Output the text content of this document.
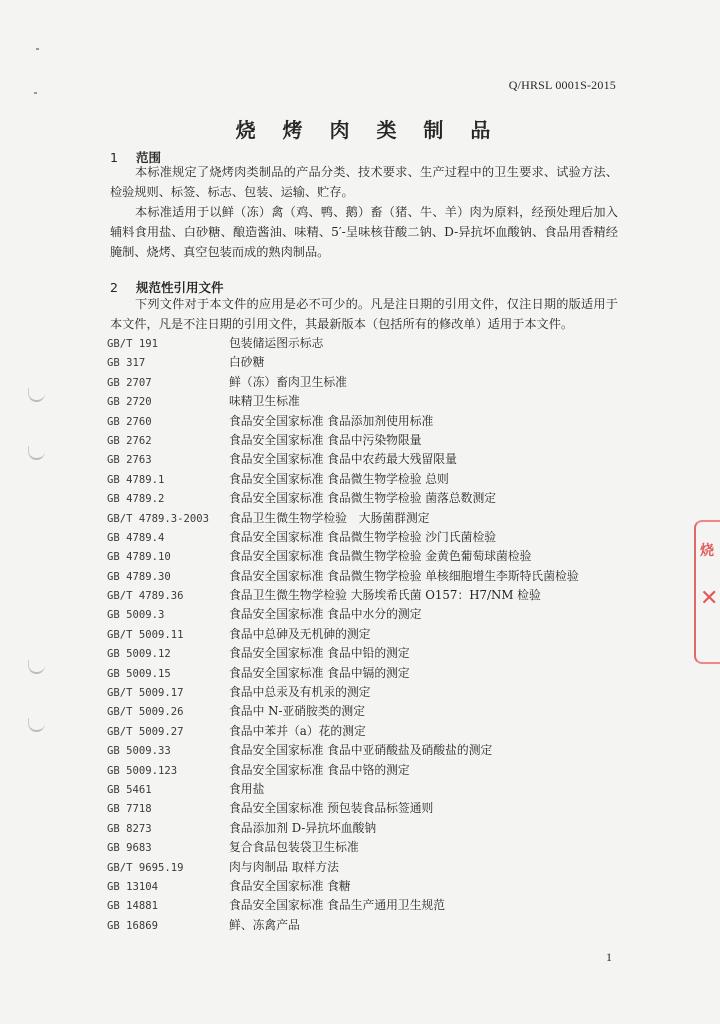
烧
✕
Q/HRSL 0001S-2015
烧 烤 肉 类 制 品
1 范围
本标准规定了烧烤肉类制品的产品分类、技术要求、生产过程中的卫生要求、试验方法、检验规则、标签、标志、包装、运输、贮存。
本标准适用于以鲜（冻）禽（鸡、鸭、鹅）畜（猪、牛、羊）肉为原料，经预处理后加入辅料食用盐、白砂糖、酿造酱油、味精、5′-呈味核苷酸二钠、D-异抗坏血酸钠、食品用香精经腌制、烧烤、真空包装而成的熟肉制品。
2 规范性引用文件
下列文件对于本文件的应用是必不可少的。凡是注日期的引用文件，仅注日期的版适用于本文件，凡是不注日期的引用文件，其最新版本（包括所有的修改单）适用于本文件。
GB/T 191	包装储运图示标志
GB 317	白砂糖
GB 2707	鲜（冻）畜肉卫生标准
GB 2720	味精卫生标准
GB 2760	食品安全国家标准 食品添加剂使用标准
GB 2762	食品安全国家标准 食品中污染物限量
GB 2763	食品安全国家标准 食品中农药最大残留限量
GB 4789.1	食品安全国家标准 食品微生物学检验 总则
GB 4789.2	食品安全国家标准 食品微生物学检验 菌落总数测定
GB/T 4789.3-2003 食品卫生微生物学检验　大肠菌群测定
GB 4789.4	食品安全国家标准 食品微生物学检验 沙门氏菌检验
GB 4789.10	食品安全国家标准 食品微生物学检验 金黄色葡萄球菌检验
GB 4789.30	食品安全国家标准 食品微生物学检验 单核细胞增生李斯特氏菌检验
GB/T 4789.36	食品卫生微生物学检验 大肠埃希氏菌 O157：H7/NM 检验
GB 5009.3	食品安全国家标准 食品中水分的测定
GB/T 5009.11	食品中总砷及无机砷的测定
GB 5009.12	食品安全国家标准 食品中铅的测定
GB 5009.15	食品安全国家标准 食品中镉的测定
GB/T 5009.17	食品中总汞及有机汞的测定
GB/T 5009.26	食品中 N-亚硝胺类的测定
GB/T 5009.27	食品中苯并（a）花的测定
GB 5009.33	食品安全国家标准 食品中亚硝酸盐及硝酸盐的测定
GB 5009.123	食品安全国家标准 食品中铬的测定
GB 5461	食用盐
GB 7718	食品安全国家标准 预包装食品标签通则
GB 8273	食品添加剂 D-异抗坏血酸钠
GB 9683	复合食品包装袋卫生标准
GB/T 9695.19	肉与肉制品 取样方法
GB 13104	食品安全国家标准 食糖
GB 14881	食品安全国家标准 食品生产通用卫生规范
GB 16869	鲜、冻禽产品
1
